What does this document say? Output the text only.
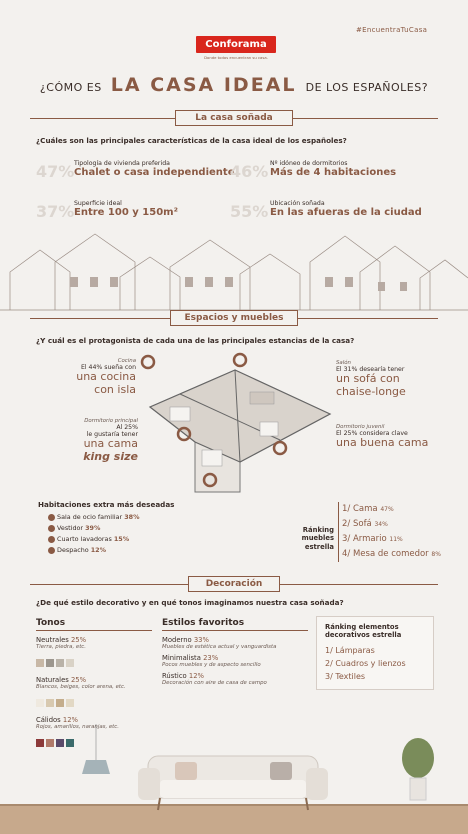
#EncuentraTuCasa
Conforama
Donde todos encuentran su casa.
¿CÓMO ES LA CASA IDEAL DE LOS ESPAÑOLES?
La casa soñada
¿Cuáles son las principales características de la casa ideal de los españoles?
47% Tipología de vivienda preferida
Chalet o casa independiente
46% Nº idóneo de dormitorios
Más de 4 habitaciones
37% Superficie ideal
Entre 100 y 150m²	55% Ubicación soñada
En las afueras de la ciudad
Espacios y muebles
¿Y cuál es el protagonista de cada una de las principales estancias de la casa?
Cocina
El 44% sueña con
una cocina con isla
Dormitorio principal
Al 25%
le gustaría tener
una cama
king size
Salón
El 31% desearía tener
un sofá con chaise-longe
Dormitorio juvenil
El 25% considera clave
una buena cama
Habitaciones extra más deseadas
Sala de ocio familiar 38%
Vestidor 39%
Cuarto lavadoras 15%
Despacho 12%
Ránking muebles estrella
1/ Cama 47%
2/ Sofá 34%
3/ Armario 11%
4/ Mesa de comedor 8%
Decoración
¿De qué estilo decorativo y en qué tonos imaginamos nuestra casa soñada?
Tonos
Neutrales 25%
Tierra, piedra, etc.
Naturales 25%
Blancos, beiges, color arena, etc.
Cálidos 12%
Rojos, amarillos, naranjas, etc.
Estilos favoritos
Moderno 33%
Muebles de estética actual y vanguardista
Minimalista 23%
Pocos muebles y de aspecto sencillo
Rústico 12%
Decoración con aire de casa de campo
Ránking elementos decorativos estrella
1/ Lámparas
2/ Cuadros y lienzos
3/ Textiles
